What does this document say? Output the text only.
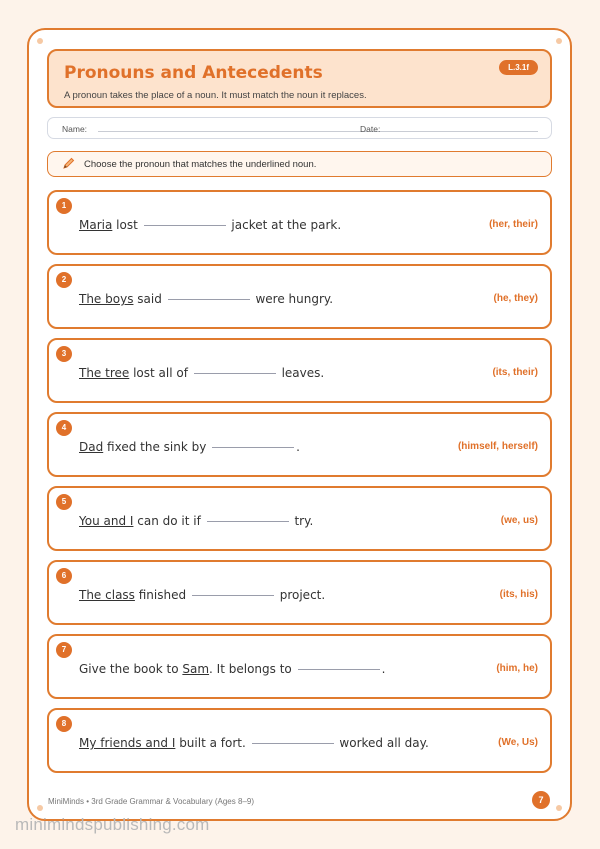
Pronouns and Antecedents
A pronoun takes the place of a noun. It must match the noun it replaces.
L.3.1f
Name:	Date:
Choose the pronoun that matches the underlined noun.
1
Maria lost	jacket at the park.	(her, their)
2
The boys said	were hungry.	(he, they)
3
The tree lost all of	leaves.	(its, their)
4
Dad fixed the sink by	.	(himself, herself)
5
You and I can do it if	try.	(we, us)
6
The class finished	project.	(its, his)
7
Give the book to Sam. It belongs to	.	(him, he)
8
My friends and I built a fort.	worked all day.	(We, Us)
MiniMinds • 3rd Grade Grammar & Vocabulary (Ages 8–9)	7
minimindspublishing.com
